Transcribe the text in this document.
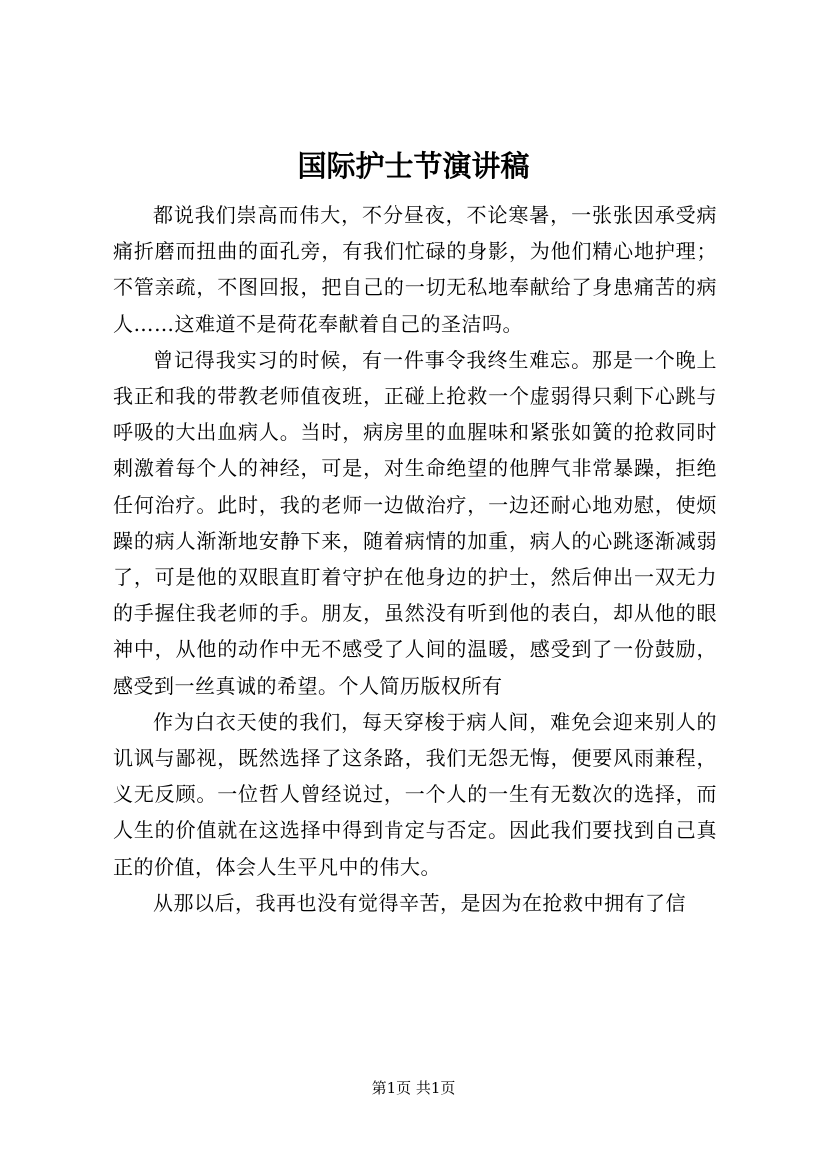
国际护士节演讲稿

都说我们崇高而伟大，不分昼夜，不论寒暑，一张张因承受病痛折磨而扭曲的面孔旁，有我们忙碌的身影，为他们精心地护理；不管亲疏，不图回报，把自己的一切无私地奉献给了身患痛苦的病人……这难道不是荷花奉献着自己的圣洁吗。

曾记得我实习的时候，有一件事令我终生难忘。那是一个晚上我正和我的带教老师值夜班，正碰上抢救一个虚弱得只剩下心跳与呼吸的大出血病人。当时，病房里的血腥味和紧张如簧的抢救同时刺激着每个人的神经，可是，对生命绝望的他脾气非常暴躁，拒绝任何治疗。此时，我的老师一边做治疗，一边还耐心地劝慰，使烦躁的病人渐渐地安静下来，随着病情的加重，病人的心跳逐渐减弱了，可是他的双眼直盯着守护在他身边的护士，然后伸出一双无力的手握住我老师的手。朋友，虽然没有听到他的表白，却从他的眼神中，从他的动作中无不感受了人间的温暖，感受到了一份鼓励，感受到一丝真诚的希望。个人简历版权所有

作为白衣天使的我们，每天穿梭于病人间，难免会迎来别人的讥讽与鄙视，既然选择了这条路，我们无怨无悔，便要风雨兼程，义无反顾。一位哲人曾经说过，一个人的一生有无数次的选择，而人生的价值就在这选择中得到肯定与否定。因此我们要找到自己真正的价值，体会人生平凡中的伟大。

从那以后，我再也没有觉得辛苦，是因为在抢救中拥有了信

第1页 共1页
